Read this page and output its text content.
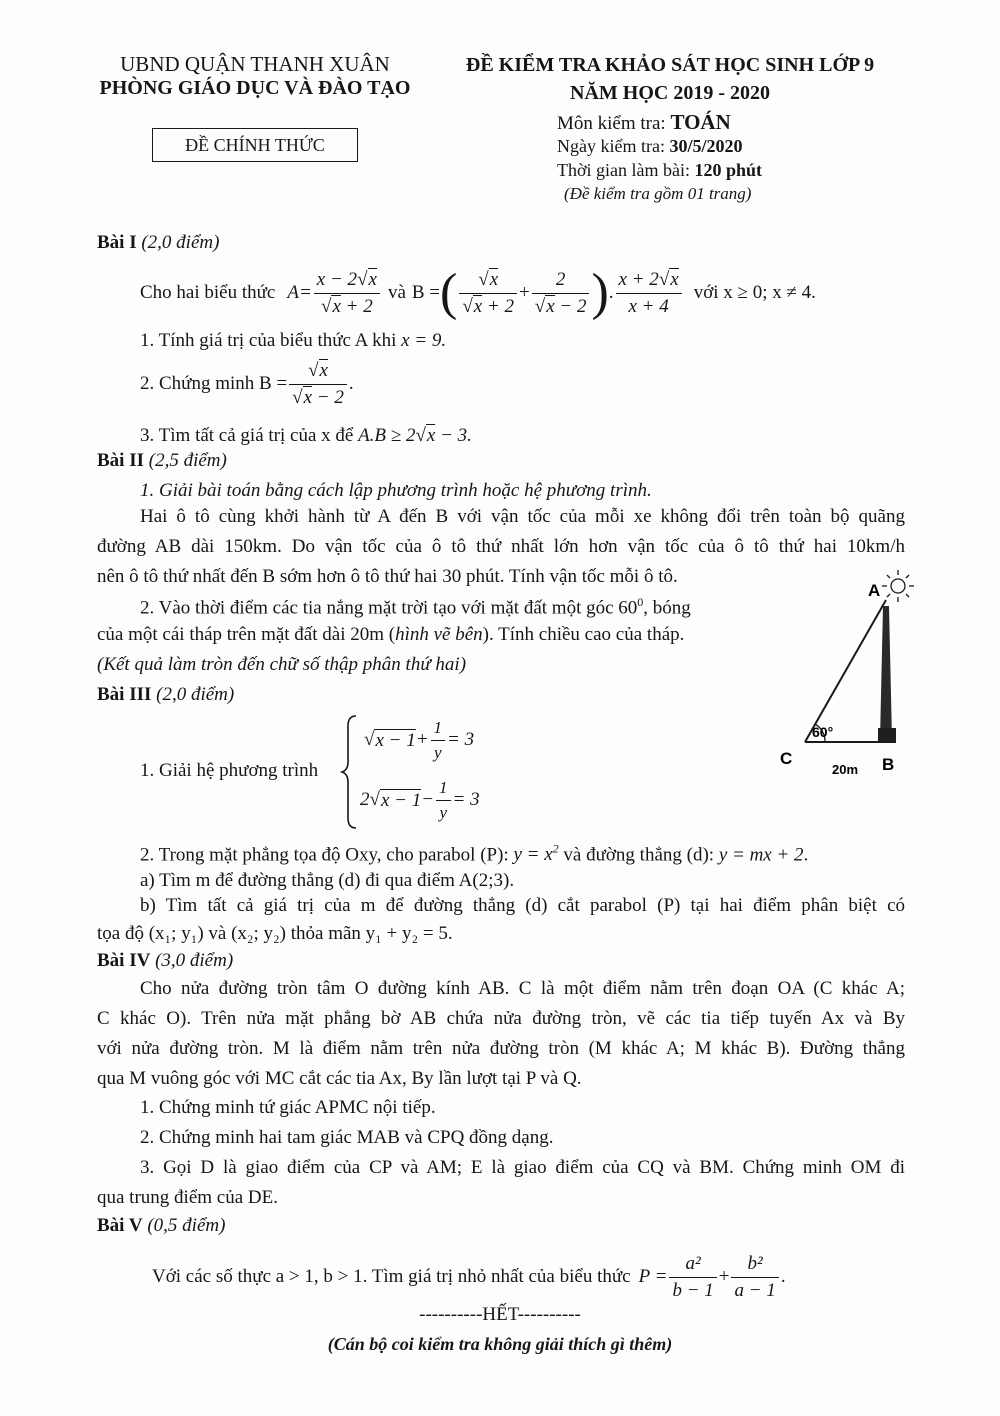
UBND QUẬN THANH XUÂN
PHÒNG GIÁO DỤC VÀ ĐÀO TẠO
ĐỀ CHÍNH THỨC
ĐỀ KIỂM TRA KHẢO SÁT HỌC SINH LỚP 9
NĂM HỌC 2019 - 2020
Môn kiểm tra: TOÁN
Ngày kiểm tra: 30/5/2020
Thời gian làm bài: 120 phút
(Đề kiểm tra gồm 01 trang)
Bài I (2,0 điểm)
Cho hai biểu thức $A= \frac{x - 2√x}{√x + 2}$ và B = ( $\frac{√x}{√x + 2} + \frac{2}{√x - 2}$ ) . $\frac{x + 2√x}{x + 4}$ với x ≥ 0; x ≠ 4.
1. Tính giá trị của biểu thức A khi x = 9.
2. Chứng minh $B = \frac{√x}{√x - 2}$ .
3. Tìm tất cả giá trị của x để A.B ≥ 2√x − 3.
Bài II (2,5 điểm)
1. Giải bài toán bằng cách lập phương trình hoặc hệ phương trình.
Hai ô tô cùng khởi hành từ A đến B với vận tốc của mỗi xe không đổi trên toàn bộ quãng
đường AB dài 150km. Do vận tốc của ô tô thứ nhất lớn hơn vận tốc của ô tô thứ hai 10km/h
nên ô tô thứ nhất đến B sớm hơn ô tô thứ hai 30 phút. Tính vận tốc mỗi ô tô.
2. Vào thời điểm các tia nắng mặt trời tạo với mặt đất một góc $60^0$, bóng
của một cái tháp trên mặt đất dài 20m (hình vẽ bên). Tính chiều cao của tháp.
(Kết quả làm tròn đến chữ số thập phân thứ hai)
A
C	B
60°
20m
Bài III (2,0 điểm)
1. Giải hệ phương trình
√ $x - 1 + \frac{1}{y} = 3$
2 √ $x - 1 - \frac{1}{y} = 3$
2. Trong mặt phẳng tọa độ Oxy, cho parabol (P): $y = x^2$ và đường thẳng (d): y = mx + 2.
a) Tìm m để đường thẳng (d) đi qua điểm A(2;3).
b) Tìm tất cả giá trị của m để đường thẳng (d) cắt parabol (P) tại hai điểm phân biệt có
tọa độ (x₁; y₁) và (x₂; y₂) thỏa mãn y₁ + y₂ = 5.
Bài IV (3,0 điểm)
Cho nửa đường tròn tâm O đường kính AB. C là một điểm nằm trên đoạn OA (C khác A;
C khác O). Trên nửa mặt phẳng bờ AB chứa nửa đường tròn, vẽ các tia tiếp tuyến Ax và By
với nửa đường tròn. M là điểm nằm trên nửa đường tròn (M khác A; M khác B). Đường thẳng
qua M vuông góc với MC cắt các tia Ax, By lần lượt tại P và Q.
1. Chứng minh tứ giác APMC nội tiếp.
2. Chứng minh hai tam giác MAB và CPQ đồng dạng.
3. Gọi D là giao điểm của CP và AM; E là giao điểm của CQ và BM. Chứng minh OM đi
qua trung điểm của DE.
Bài V (0,5 điểm)
Với các số thực a > 1, b > 1. Tìm giá trị nhỏ nhất của biểu thức $P = \frac{\text{a²}}{b - 1} + \frac{\text{b²}}{a - 1}$ .
----------HẾT----------
(Cán bộ coi kiểm tra không giải thích gì thêm)
